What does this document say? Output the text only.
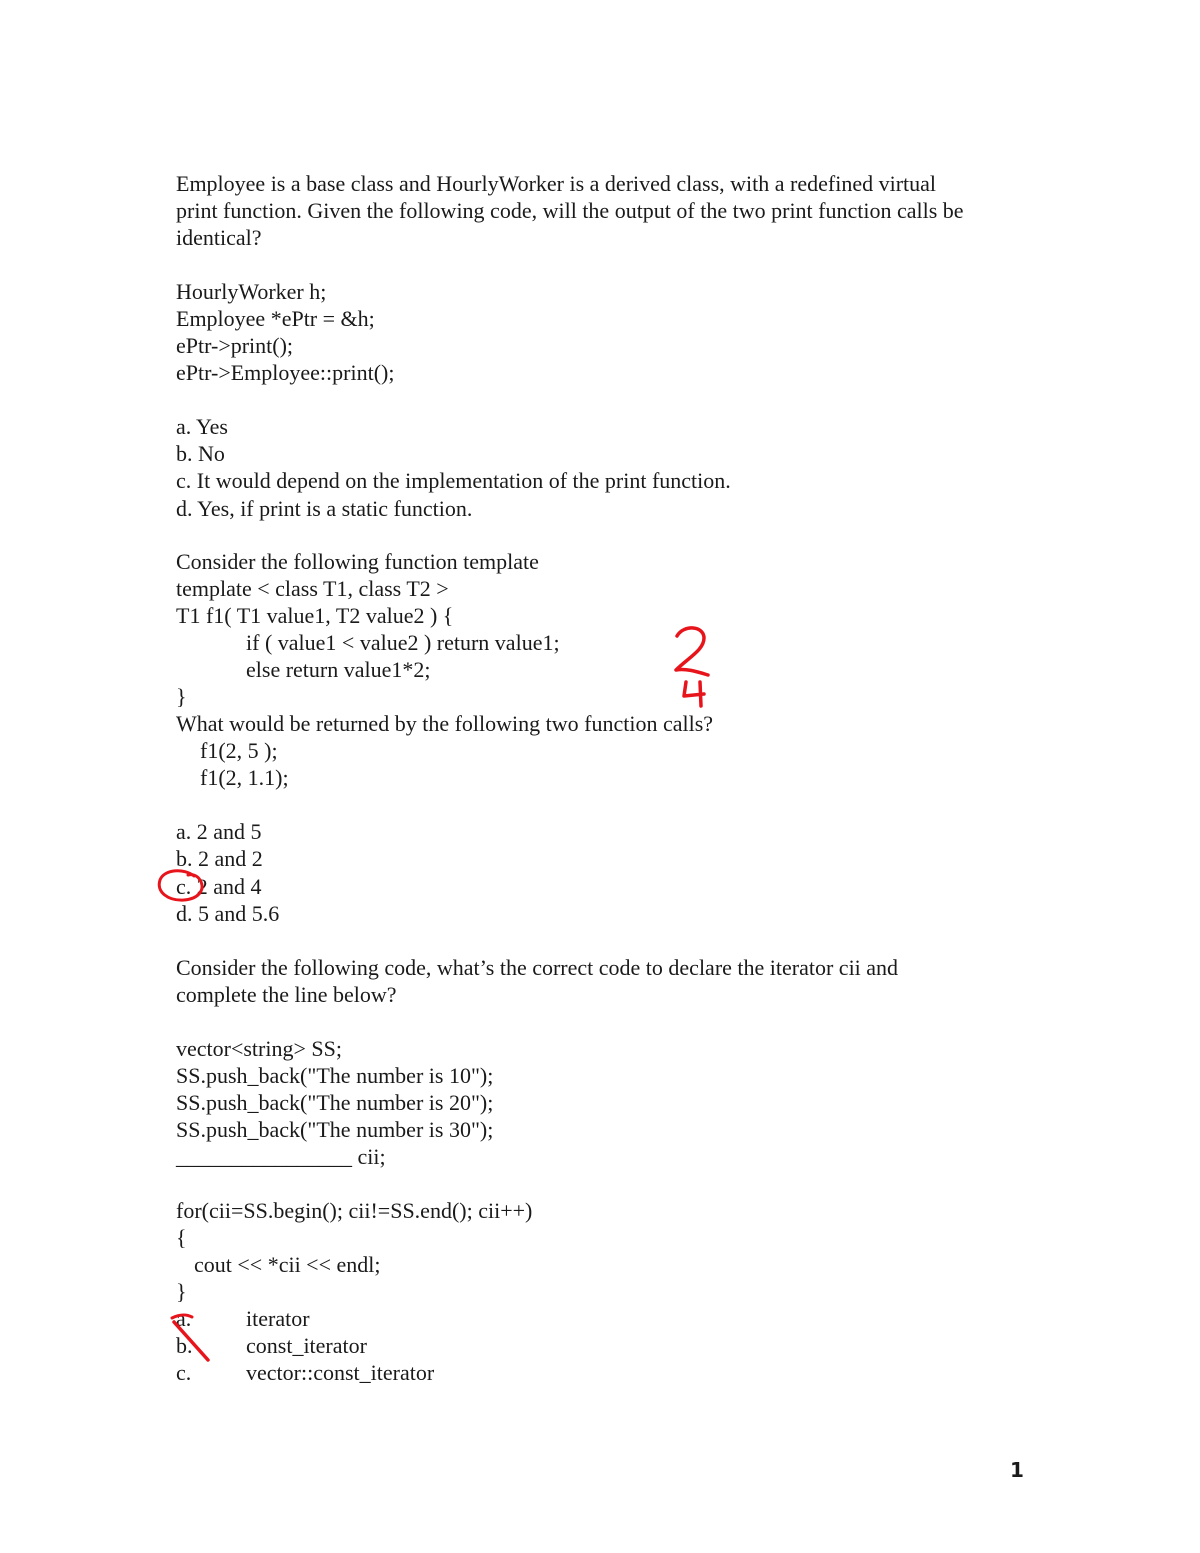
Employee is a base class and HourlyWorker is a derived class, with a redefined virtual
print function. Given the following code, will the output of the two print function calls be
identical?
HourlyWorker h;
Employee *ePtr = &h;
ePtr->print();
ePtr->Employee::print();
a. Yes
b. No
c. It would depend on the implementation of the print function.
d. Yes, if print is a static function.
Consider the following function template
template < class T1, class T2 >
T1 f1( T1 value1, T2 value2 ) {
if ( value1 < value2 ) return value1;
else return value1*2;
}
What would be returned by the following two function calls?
f1(2, 5 );
f1(2, 1.1);
a. 2 and 5
b. 2 and 2
c. 2 and 4
d. 5 and 5.6
Consider the following code, what’s the correct code to declare the iterator cii and
complete the line below?
vector<string> SS;
SS.push_back("The number is 10");
SS.push_back("The number is 20");
SS.push_back("The number is 30");
________________ cii;
for(cii=SS.begin(); cii!=SS.end(); cii++)
{
cout << *cii << endl;
}
a. iterator
b. const_iterator
c. vector::const_iterator
1
